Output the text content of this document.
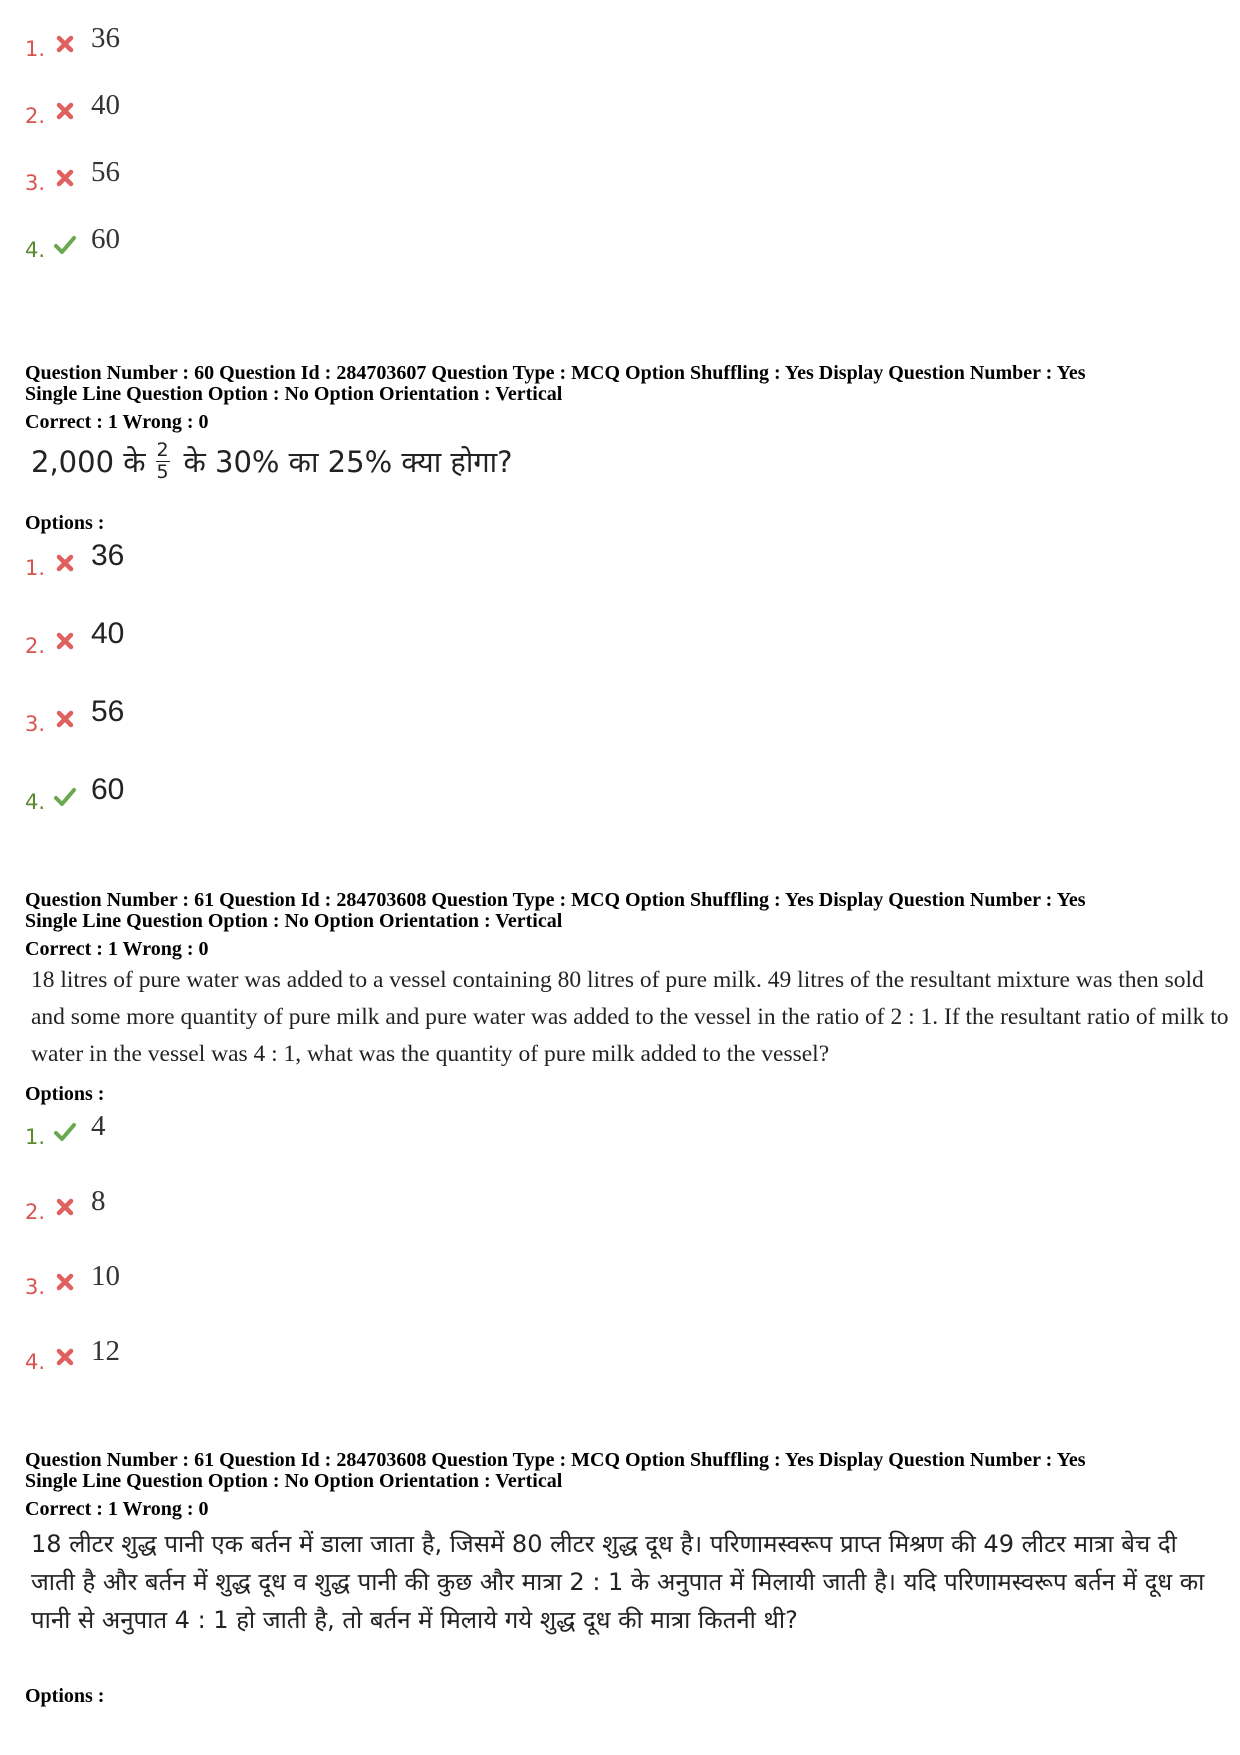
1. 36
2. 40
3. 56
4. 60
Question Number : 60 Question Id : 284703607 Question Type : MCQ Option Shuffling : Yes Display Question Number : Yes
Single Line Question Option : No Option Orientation : Vertical
Correct : 1 Wrong : 0
2,000 के $\frac{2}{5}$ के 30% का 25% क्या होगा?
Options :
1. 36
2. 40
3. 56
4. 60
Question Number : 61 Question Id : 284703608 Question Type : MCQ Option Shuffling : Yes Display Question Number : Yes
Single Line Question Option : No Option Orientation : Vertical
Correct : 1 Wrong : 0
18 litres of pure water was added to a vessel containing 80 litres of pure milk. 49 litres of the resultant mixture was then sold and some more quantity of pure milk and pure water was added to the vessel in the ratio of 2 : 1. If the resultant ratio of milk to water in the vessel was 4 : 1, what was the quantity of pure milk added to the vessel?
Options :
1. 4
2. 8
3. 10
4. 12
Question Number : 61 Question Id : 284703608 Question Type : MCQ Option Shuffling : Yes Display Question Number : Yes
Single Line Question Option : No Option Orientation : Vertical
Correct : 1 Wrong : 0
18 लीटर शुद्ध पानी एक बर्तन में डाला जाता है, जिसमें 80 लीटर शुद्ध दूध है। परिणामस्वरूप प्राप्त मिश्रण की 49 लीटर मात्रा बेच दी जाती है और बर्तन में शुद्ध दूध व शुद्ध पानी की कुछ और मात्रा 2 : 1 के अनुपात में मिलायी जाती है। यदि परिणामस्वरूप बर्तन में दूध का पानी से अनुपात 4 : 1 हो जाती है, तो बर्तन में मिलाये गये शुद्ध दूध की मात्रा कितनी थी?
Options :
